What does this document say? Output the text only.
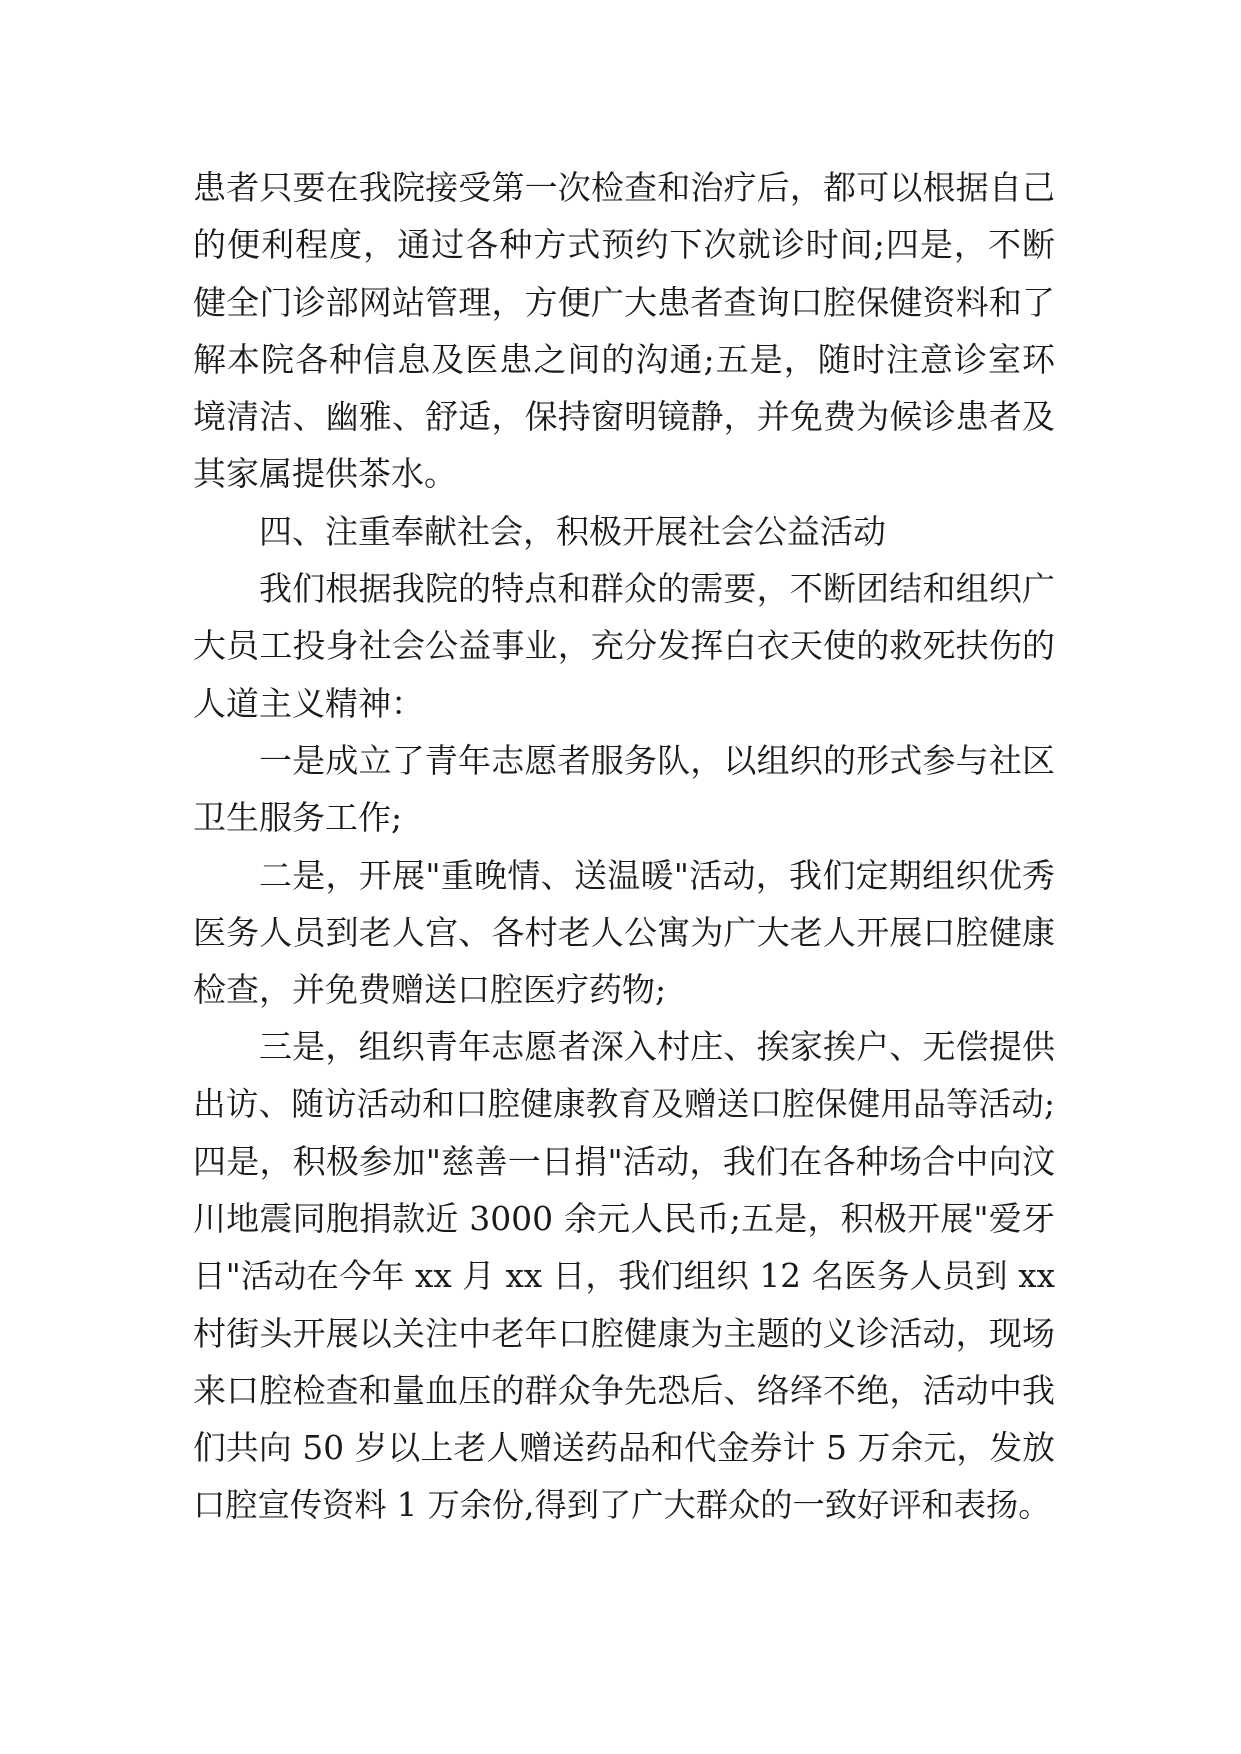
患者只要在我院接受第一次检查和治疗后，都可以根据自己
的便利程度，通过各种方式预约下次就诊时间;四是，不断
健全门诊部网站管理，方便广大患者查询口腔保健资料和了
解本院各种信息及医患之间的沟通;五是，随时注意诊室环
境清洁、幽雅、舒适，保持窗明镜静，并免费为候诊患者及
其家属提供茶水。
四、注重奉献社会，积极开展社会公益活动
我们根据我院的特点和群众的需要，不断团结和组织广
大员工投身社会公益事业，充分发挥白衣天使的救死扶伤的
人道主义精神：
一是成立了青年志愿者服务队，以组织的形式参与社区
卫生服务工作;
二是，开展"重晚情、送温暖"活动，我们定期组织优秀
医务人员到老人宫、各村老人公寓为广大老人开展口腔健康
检查，并免费赠送口腔医疗药物;
三是，组织青年志愿者深入村庄、挨家挨户、无偿提供
出访、随访活动和口腔健康教育及赠送口腔保健用品等活动;
四是，积极参加"慈善一日捐"活动，我们在各种场合中向汶
川地震同胞捐款近 3000 余元人民币;五是，积极开展"爱牙
日"活动在今年 xx 月 xx 日，我们组织 12 名医务人员到 xx
村街头开展以关注中老年口腔健康为主题的义诊活动，现场
来口腔检查和量血压的群众争先恐后、络绎不绝，活动中我
们共向 50 岁以上老人赠送药品和代金券计 5 万余元，发放
口腔宣传资料 1 万余份,得到了广大群众的一致好评和表扬。
